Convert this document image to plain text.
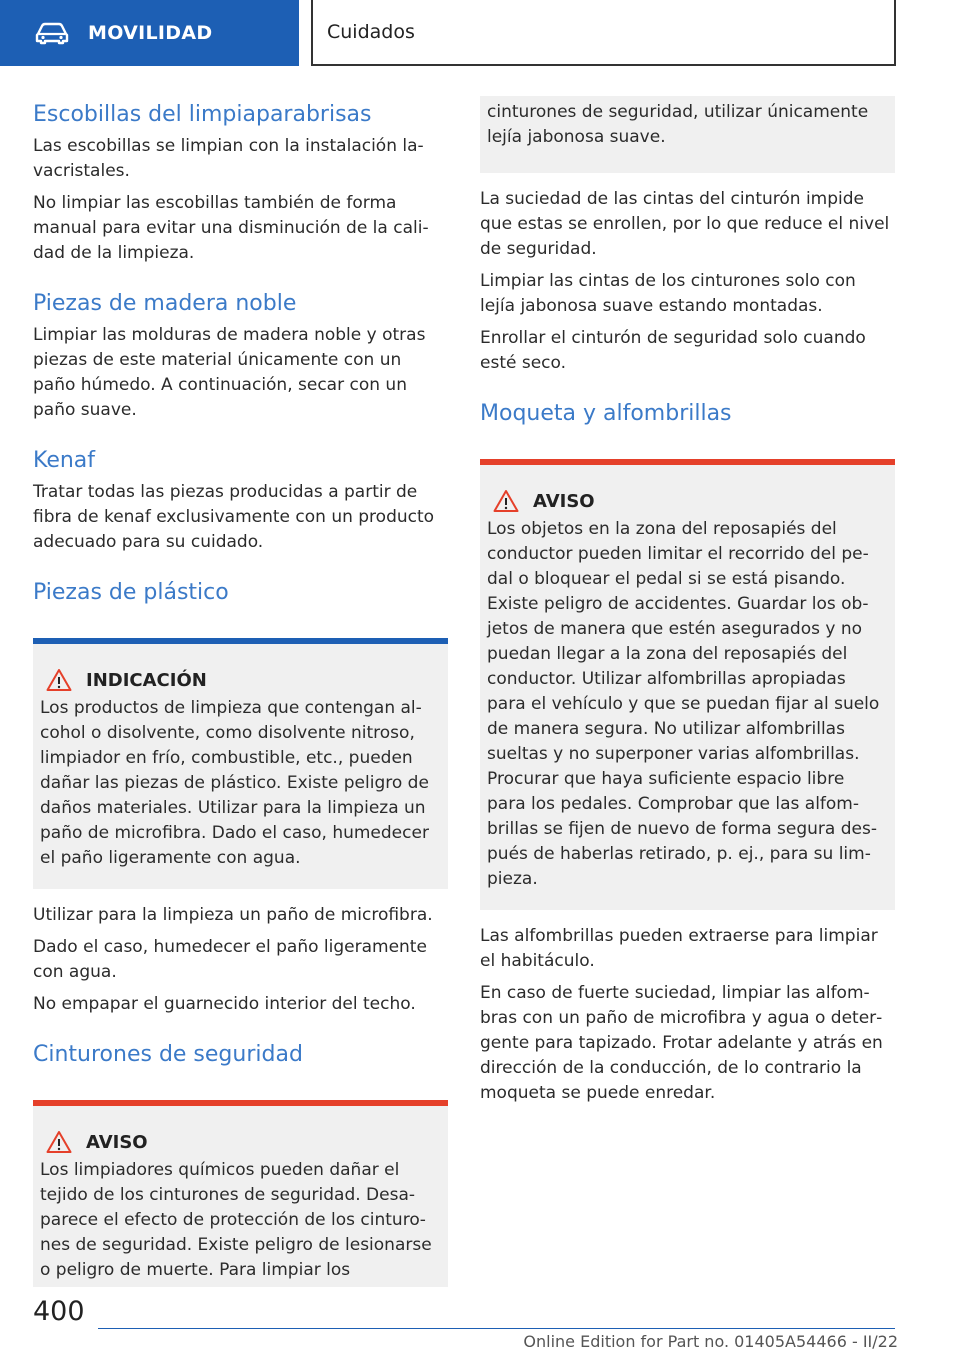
MOVILIDAD	Cuidados
Escobillas del limpiaparabrisas

Las escobillas se limpian con la instalación lavacristales.

No limpiar las escobillas también de forma manual para evitar una disminución de la calidad de la limpieza.

Piezas de madera noble

Limpiar las molduras de madera noble y otras piezas de este material únicamente con un paño húmedo. A continuación, secar con un paño suave.

Kenaf

Tratar todas las piezas producidas a partir de fibra de kenaf exclusivamente con un producto adecuado para su cuidado.

Piezas de plástico
INDICACIÓN
Los productos de limpieza que contengan alcohol o disolvente, como disolvente nitroso, limpiador en frío, combustible, etc., pueden dañar las piezas de plástico. Existe peligro de daños materiales. Utilizar para la limpieza un paño de microfibra. Dado el caso, humedecer el paño ligeramente con agua.

Utilizar para la limpieza un paño de microfibra.

Dado el caso, humedecer el paño ligeramente con agua.

No empapar el guarnecido interior del techo.

Cinturones de seguridad
AVISO
Los limpiadores químicos pueden dañar el tejido de los cinturones de seguridad. Desaparece el efecto de protección de los cinturones de seguridad. Existe peligro de lesionarse o peligro de muerte. Para limpiar los
cinturones de seguridad, utilizar únicamente lejía jabonosa suave.

La suciedad de las cintas del cinturón impide que estas se enrollen, por lo que reduce el nivel de seguridad.

Limpiar las cintas de los cinturones solo con lejía jabonosa suave estando montadas.

Enrollar el cinturón de seguridad solo cuando esté seco.

Moqueta y alfombrillas
AVISO
Los objetos en la zona del reposapiés del conductor pueden limitar el recorrido del pedal o bloquear el pedal si se está pisando. Existe peligro de accidentes. Guardar los objetos de manera que estén asegurados y no puedan llegar a la zona del reposapiés del conductor. Utilizar alfombrillas apropiadas para el vehículo y que se puedan fijar al suelo de manera segura. No utilizar alfombrillas sueltas y no superponer varias alfombrillas. Procurar que haya suficiente espacio libre para los pedales. Comprobar que las alfombrillas se fijen de nuevo de forma segura después de haberlas retirado, p. ej., para su limpieza.

Las alfombrillas pueden extraerse para limpiar el habitáculo.

En caso de fuerte suciedad, limpiar las alfombras con un paño de microfibra y agua o detergente para tapizado. Frotar adelante y atrás en dirección de la conducción, de lo contrario la moqueta se puede enredar.

400
Online Edition for Part no. 01405A54466 - II/22
